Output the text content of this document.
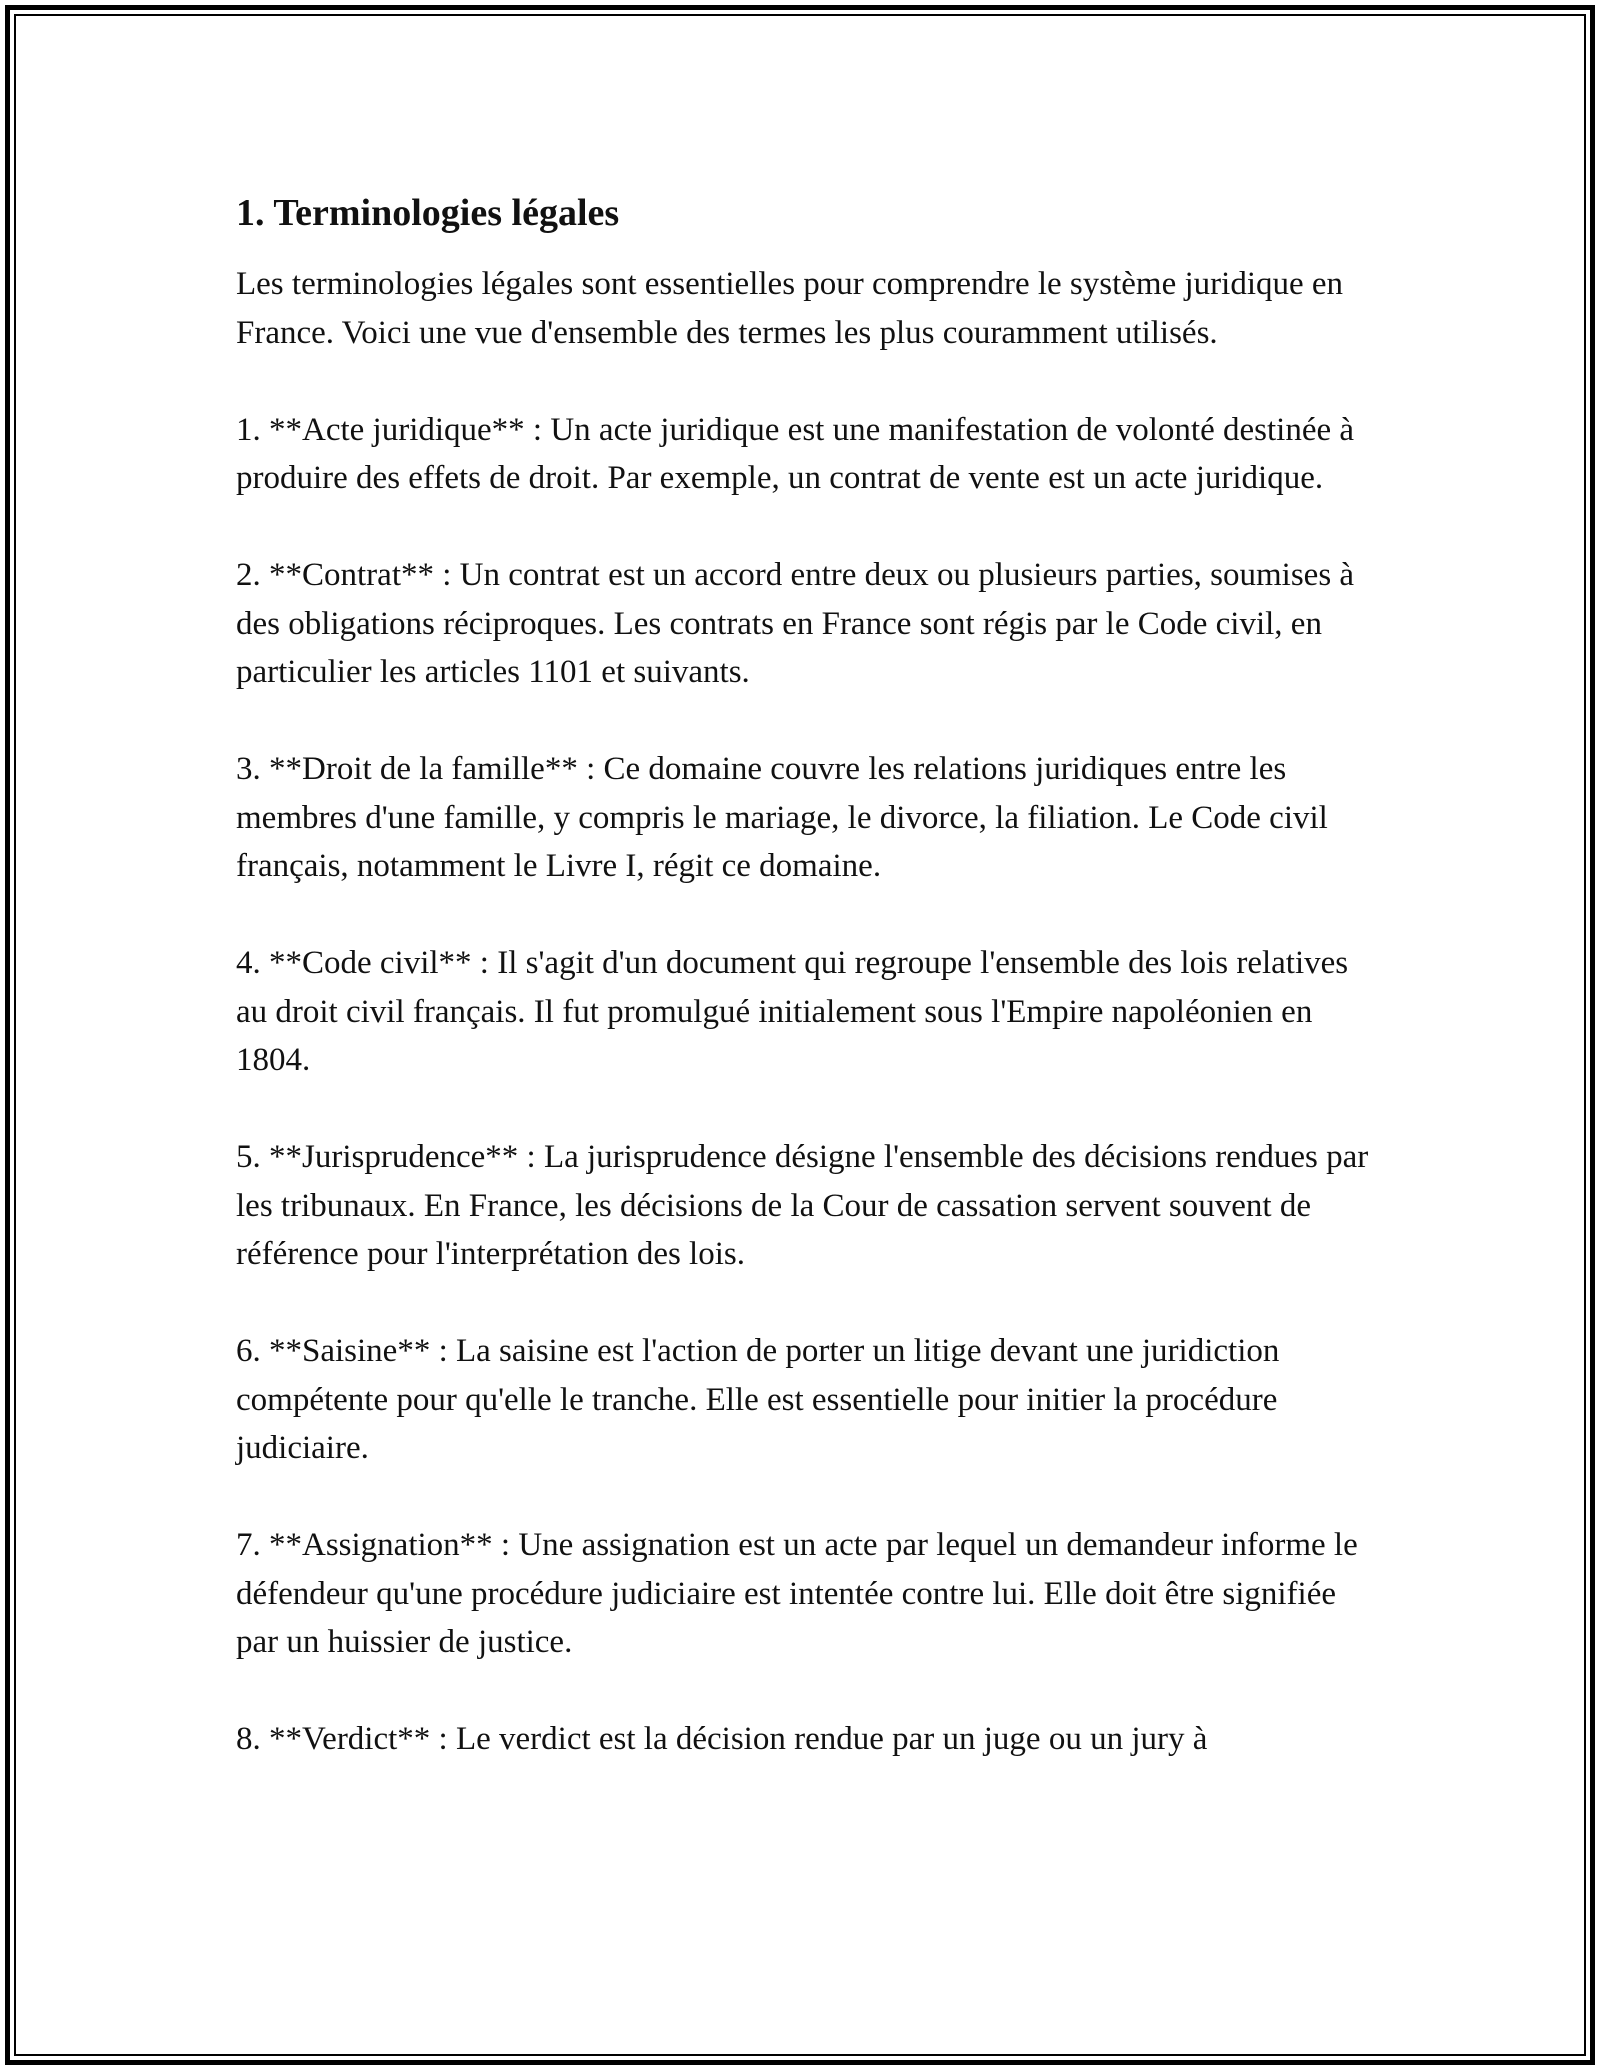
1. Terminologies légales

Les terminologies légales sont essentielles pour comprendre le système juridique en France. Voici une vue d'ensemble des termes les plus couramment utilisés.

1. **Acte juridique** : Un acte juridique est une manifestation de volonté destinée à produire des effets de droit. Par exemple, un contrat de vente est un acte juridique.

2. **Contrat** : Un contrat est un accord entre deux ou plusieurs parties, soumises à des obligations réciproques. Les contrats en France sont régis par le Code civil, en particulier les articles 1101 et suivants.

3. **Droit de la famille** : Ce domaine couvre les relations juridiques entre les membres d'une famille, y compris le mariage, le divorce, la filiation. Le Code civil français, notamment le Livre I, régit ce domaine.

4. **Code civil** : Il s'agit d'un document qui regroupe l'ensemble des lois relatives au droit civil français. Il fut promulgué initialement sous l'Empire napoléonien en 1804.

5. **Jurisprudence** : La jurisprudence désigne l'ensemble des décisions rendues par les tribunaux. En France, les décisions de la Cour de cassation servent souvent de référence pour l'interprétation des lois.

6. **Saisine** : La saisine est l'action de porter un litige devant une juridiction compétente pour qu'elle le tranche. Elle est essentielle pour initier la procédure judiciaire.

7. **Assignation** : Une assignation est un acte par lequel un demandeur informe le défendeur qu'une procédure judiciaire est intentée contre lui. Elle doit être signifiée par un huissier de justice.

8. **Verdict** : Le verdict est la décision rendue par un juge ou un jury à
